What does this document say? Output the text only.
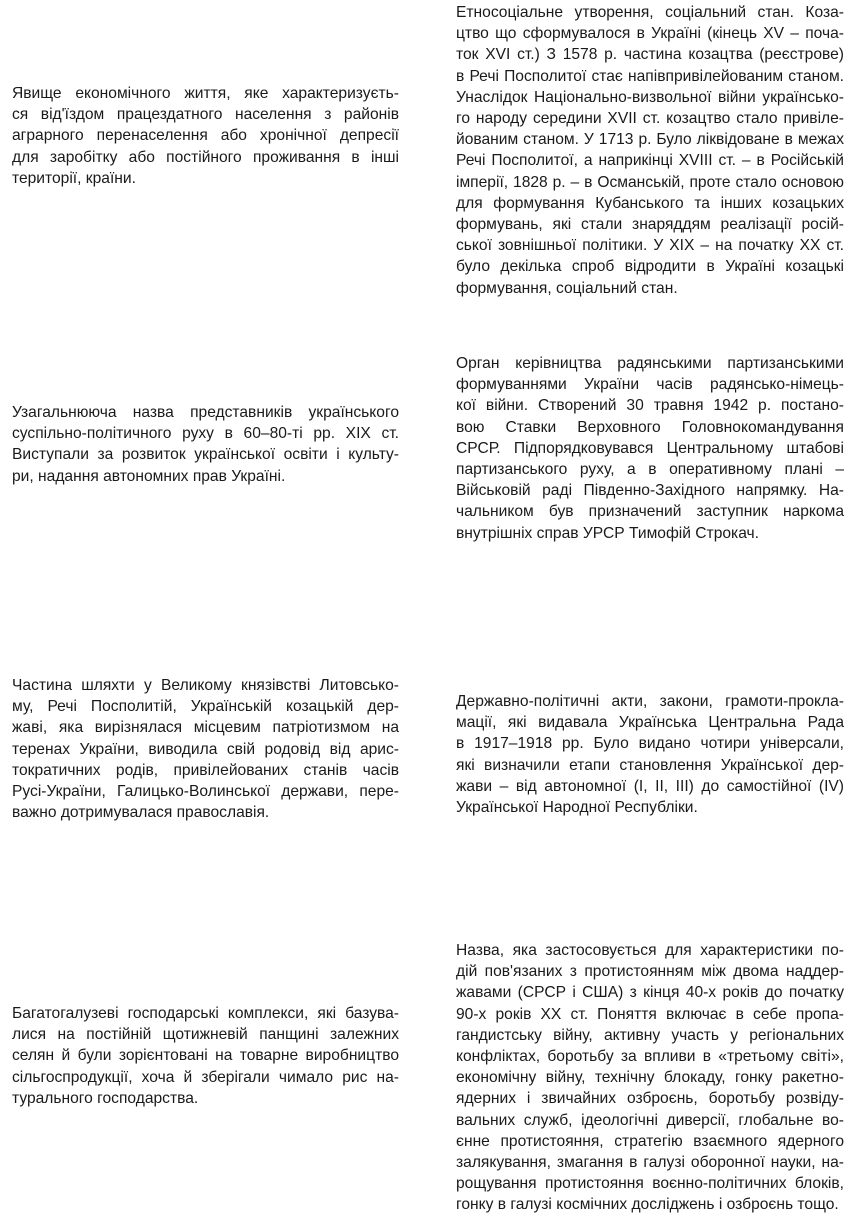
Явище економічного життя, яке характеризуєть-
ся від'їздом працездатного населення з районів
аграрного перенаселення або хронічної депресії
для заробітку або постійного проживання в інші
території, країни.
Етносоціальне утворення, соціальний стан. Коза-
цтво що сформувалося в Україні (кінець XV – поча-
ток XVI ст.) З 1578 р. частина козацтва (реєстрове)
в Речі Посполитої стає напівпривілейованим станом.
Унаслідок Національно-визвольної війни українсько-
го народу середини XVII ст. козацтво стало привіле-
йованим станом. У 1713 р. Було ліквідоване в межах
Речі Посполитої, а наприкінці XVIII ст. – в Російській
імперії, 1828 р. – в Османській, проте стало основою
для формування Кубанського та інших козацьких
формувань, які стали знаряддям реалізації росій-
ської зовнішньої політики. У XIX – на початку XX ст.
було декілька спроб відродити в Україні козацькі
формування, соціальний стан.
Узагальнююча назва представників українського
суспільно-політичного руху в 60–80-ті рр. XIX ст.
Виступали за розвиток української освіти і культу-
ри, надання автономних прав Україні.
Орган керівництва радянськими партизанськими
формуваннями України часів радянсько-німець-
кої війни. Створений 30 травня 1942 р. постано-
вою Ставки Верховного Головнокомандування
СРСР. Підпорядковувався Центральному штабові
партизанського руху, а в оперативному плані –
Військовій раді Південно-Західного напрямку. На-
чальником був призначений заступник наркома
внутрішніх справ УРСР Тимофій Строкач.
Частина шляхти у Великому князівстві Литовсько-
му, Речі Посполитій, Українській козацькій дер-
жаві, яка вирізнялася місцевим патріотизмом на
теренах України, виводила свій родовід від арис-
тократичних родів, привілейованих станів часів
Русі-України, Галицько-Волинської держави, пере-
важно дотримувалася православія.
Державно-політичні акти, закони, грамоти-прокла-
мації, які видавала Українська Центральна Рада
в 1917–1918 рр. Було видано чотири універсали,
які визначили етапи становлення Української дер-
жави – від автономної (I, II, III) до самостійної (IV)
Української Народної Республіки.
Багатогалузеві господарські комплекси, які базува-
лися на постійній щотижневій панщині залежних
селян й були зорієнтовані на товарне виробництво
сільгоспродукції, хоча й зберігали чимало рис на-
турального господарства.
Назва, яка застосовується для характеристики по-
дій пов'язаних з протистоянням між двома наддер-
жавами (СРСР і США) з кінця 40-х років до початку
90-х років XX ст. Поняття включає в себе пропа-
гандистську війну, активну участь у регіональних
конфліктах, боротьбу за впливи в «третьому світі»,
економічну війну, технічну блокаду, гонку ракетно-
ядерних і звичайних озброєнь, боротьбу розвіду-
вальних служб, ідеологічні диверсії, глобальне во-
єнне протистояння, стратегію взаємного ядерного
залякування, змагання в галузі оборонної науки, на-
рощування протистояння воєнно-політичних блоків,
гонку в галузі космічних досліджень і озброєнь тощо.
